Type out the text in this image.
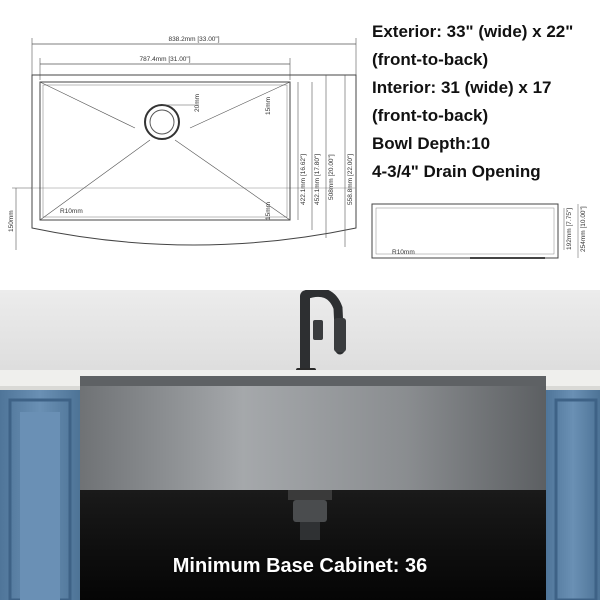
838.2mm [33.00"]
787.4mm [31.00"]
20mm	15mm
15mm
R10mm
422.1mm [16.62"] 452.1mm [17.80"] 508mm [20.00"] 558.8mm [22.00"]
150mm
R10mm
192mm [7.75"] 254mm [10.00"]
Exterior: 33" (wide) x 22"
(front-to-back)
Interior: 31 (wide) x 17
(front-to-back)
Bowl Depth:10
4-3/4" Drain Opening
Minimum Base Cabinet: 36
